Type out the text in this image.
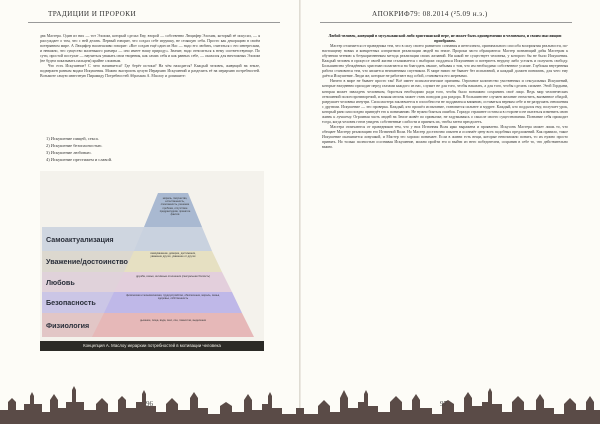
ТРАДИЦИИ И ПРОРОКИ	АПОКРИФ79: 08.2014 (²5.09 н.э.)

два Мастера. Один из них — тот Элохим, который сделал Еву, второй — собственно Люцифер Элохим, который её искусил, — я рассуждает о том, что с ней делать. Первый говорит, что создал себе игрушку, не стоящую себя. Просто как декорацию в своём потерянном мире. А Люцифер насмешливо говорит: «Вот создан ещё один из Нас — надо его любить, считаться с его интересами, и неважно, что существо маленького размера — оно имеет нашу природу». Значит, надо относиться к нему соответствующе. По сути, простой постулат — научиться уважать свои творения, как самих себя и как равных себе, — оказался для ничтожных Элохим (не будем показывать пальцем) крайне сложным.

Что есть Искушение? С чего начинается? Где берёт истоки? На чём находится? Каждый человек, живущий на земле, подвержен разным видам Искушения. Можно выстроить целую Иерархию Искушений и разделить её на иерархию потребностей. Возьмите самую известную Пирамиду Потребностей Абрахама А. Маслоу и допишите:

1) Искушение пищей, секса.
2) Искушение безопасностью.
3) Искушение любовью.
4) Искушение престижем и славой.
Самоактуализация
Уважение/достоинство
Любовь
Безопасность
Физиология
мораль, творчество, естественность, спонтанность, решение проблем, отсутствие предрассудков, принятие фактов
самоуважение, доверие, достижения, уважение других, уважение от других
дружба, семья, интимные отношения (сексуальная близость)
физическая и экономическая, трудоустройство, обеспечение, мораль, семья, здоровье, собственность
дыхание, пища, вода, секс, сон, гомеостаз, выделение
Концепция А. Маслоу иерархии потребностей в мотивации человека

Любой человек, живущий в мусульманской либо христианской вере, не может быть одновременно и человеком, и своим мыслящим прообразом.

Мастер отличается от праведника тем, что в силу своего развитого сознания и интеллекта, оригинального способа восприятия реальности, по-настоящему новых и конкретных алгоритмов реализации людей на земле. Пророки часто обращаются: Мастер познающий дабы Мастерам к обучении чтению к безукоризненным метода реализации своих желаний. Ни какой не существует человека, у которого бы не было Искушения. Каждый человек в процессе своей жизни сталкивается с выбором: поддаться Искушению и потерпеть неудачу либо устоять и получить свободу. Большинство убеждённых христиан полагаются на благодать свыше, забывая о том, что им необходимо собственное усилие. Глубокая внутренняя работа становится тем, что является неизменным спутником. В мире никто не бывает без испытаний, и каждый должен понимать, для чего ему даётся Искушение. Люди же, которые не работают над собой, становятся его жертвами.

Ничего в мире не бывает просто так! Всё имеет психологические причины. Огромное количество умственных и сексуальных Искушений, которые ежедневно проходят перед глазами каждого из нас, служит не для того, чтобы наказать, а для того, чтобы сделать сильнее. Этой Гордыни, которая может завладеть человеком, бороться необходимо ради того, чтобы было возможно сохранить своё лицо. Ведь мир человеческих отношений полон противоречий, и всякая мелочь может стать поводом для раздора. В большинстве случаев желание отомстить, вызванное обидой, разрушает человека изнутри. Сила мастера заключается в способности не поддаваться влиянию, оставаться верным себе и не разрушать отношения с другими. Искушение — это проверка. Каждый, кто прошёл испытание, становится сильнее и мудрее. Каждый, кто поддался ему, получает урок, который рано или поздно приведёт его к пониманию. Не нужно бояться ошибок. Гораздо страшнее остаться в стороне и не пытаться изменить свою жизнь к лучшему. Огромная часть людей на Земле живёт по привычке, не задумываясь о смысле своего существования. Познание себя приходит тогда, когда человек готов увидеть собственные слабости и принять их, чтобы затем преодолеть.

Мастера отличаются от праведников тем, что у них Истинная Воля ярко выражена и проявлена. Искусить Мастера может лишь то, что обещает Мастеру реализацию его Истинной Воли. Но Мастер достаточно опытен и осознаёт цену всех подобных предложений. Как правило, такое Искушение оказывается ловушкой, и Мастер это хорошо понимает. Если в жизни есть вещи, которые невозможно понять, то их нужно просто принять. Но только полностью осознавая Искушение, можно пройти его и выйти из него победителем, сохранив в себе то, что действительно важно.

96	97
